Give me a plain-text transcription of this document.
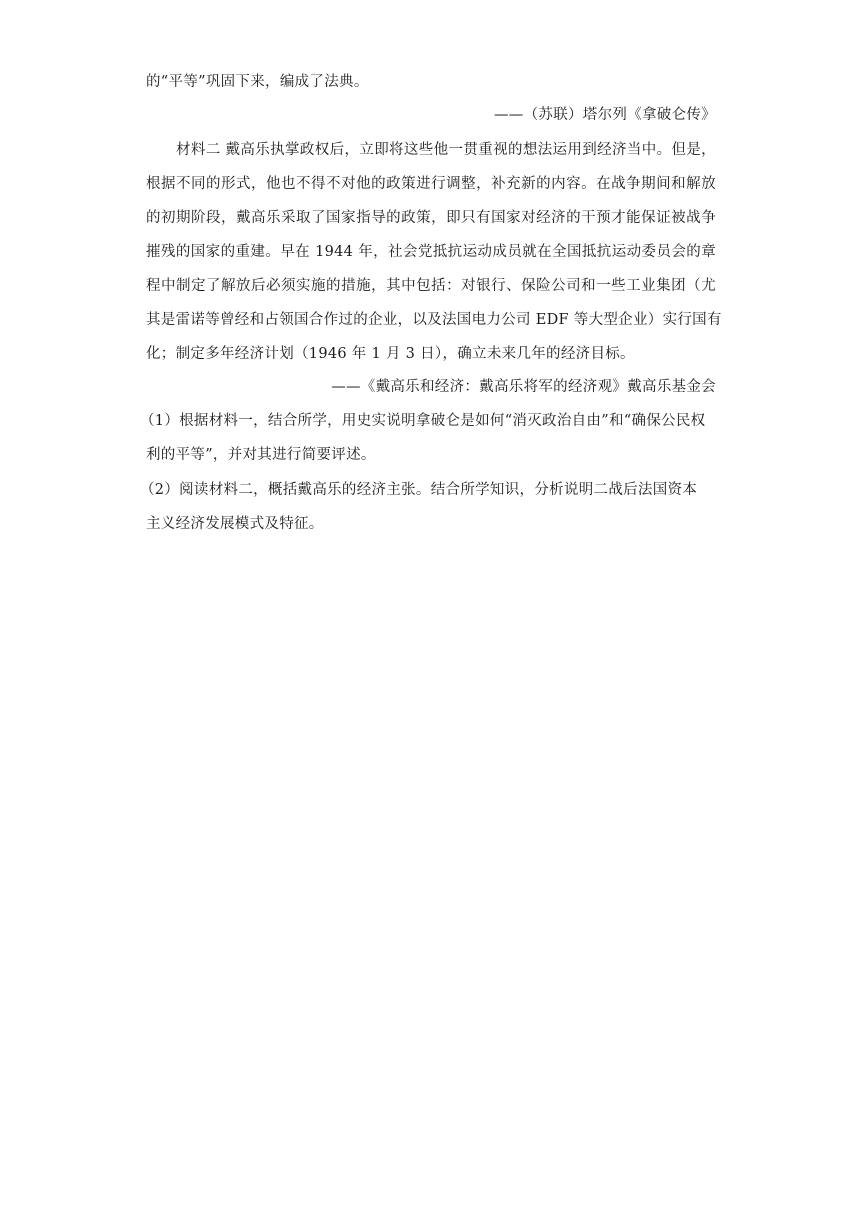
的“平等”巩固下来，编成了法典。
——（苏联）塔尔列《拿破仑传》
材料二 戴高乐执掌政权后，立即将这些他一贯重视的想法运用到经济当中。但是，
根据不同的形式，他也不得不对他的政策进行调整，补充新的内容。在战争期间和解放
的初期阶段，戴高乐采取了国家指导的政策，即只有国家对经济的干预才能保证被战争
摧残的国家的重建。早在 1944 年，社会党抵抗运动成员就在全国抵抗运动委员会的章
程中制定了解放后必须实施的措施，其中包括：对银行、保险公司和一些工业集团（尤
其是雷诺等曾经和占领国合作过的企业，以及法国电力公司 EDF 等大型企业）实行国有
化；制定多年经济计划（1946 年 1 月 3 日），确立未来几年的经济目标。
——《戴高乐和经济：戴高乐将军的经济观》戴高乐基金会
（1）根据材料一，结合所学，用史实说明拿破仑是如何“消灭政治自由”和“确保公民权
利的平等”，并对其进行简要评述。
（2）阅读材料二，概括戴高乐的经济主张。结合所学知识，分析说明二战后法国资本
主义经济发展模式及特征。
